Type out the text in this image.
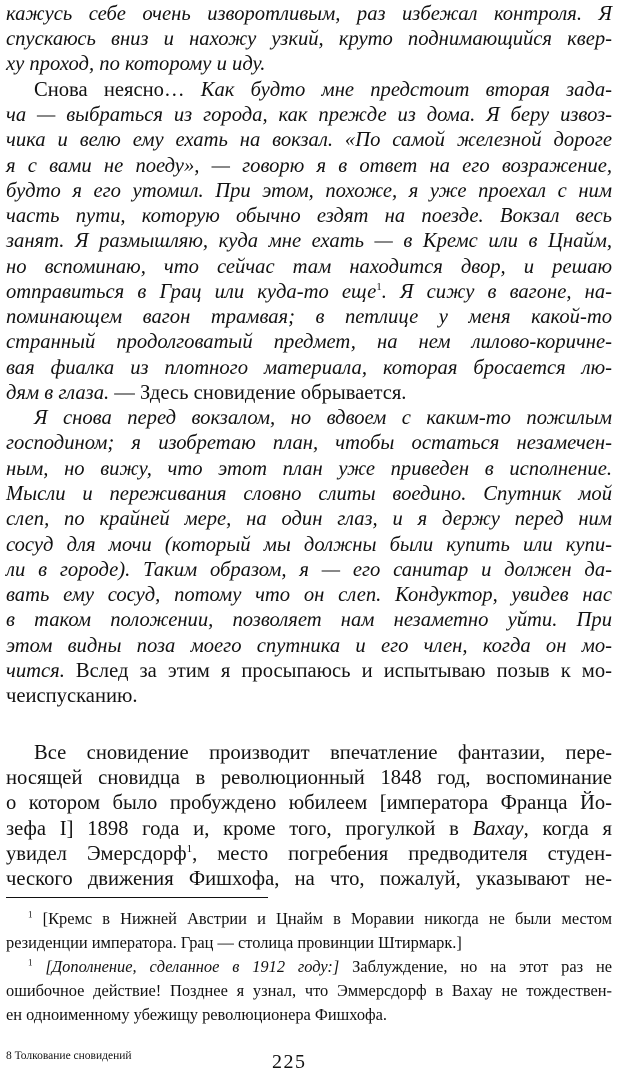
кажусь себе очень изворотливым, раз избежал контроля. Я

спускаюсь вниз и нахожу узкий, круто поднимающийся квер-

ху проход, по которому и иду.

Снова неясно… Как будто мне предстоит вторая зада-

ча — выбраться из города, как прежде из дома. Я беру извоз-

чика и велю ему ехать на вокзал. «По самой железной дороге

я с вами не поеду», — говорю я в ответ на его возражение,

будто я его утомил. При этом, похоже, я уже проехал с ним

часть пути, которую обычно ездят на поезде. Вокзал весь

занят. Я размышляю, куда мне ехать — в Кремс или в Цнайм,

но вспоминаю, что сейчас там находится двор, и решаю

отправиться в Грац или куда-то еще$^1$. Я сижу в вагоне, на-

поминающем вагон трамвая; в петлице у меня какой-то

странный продолговатый предмет, на нем лилово-коричне-

вая фиалка из плотного материала, которая бросается лю-

дям в глаза. — Здесь сновидение обрывается.

Я снова перед вокзалом, но вдвоем с каким-то пожилым

господином; я изобретаю план, чтобы остаться незамечен-

ным, но вижу, что этот план уже приведен в исполнение.

Мысли и переживания словно слиты воедино. Спутник мой

слеп, по крайней мере, на один глаз, и я держу перед ним

сосуд для мочи (который мы должны были купить или купи-

ли в городе). Таким образом, я — его санитар и должен да-

вать ему сосуд, потому что он слеп. Кондуктор, увидев нас

в таком положении, позволяет нам незаметно уйти. При

этом видны поза моего спутника и его член, когда он мо-

чится. Вслед за этим я просыпаюсь и испытываю позыв к мо-

чеиспусканию.

Все сновидение производит впечатление фантазии, пере-

носящей сновидца в революционный 1848 год, воспоминание

о котором было пробуждено юбилеем [императора Франца Йо-

зефа I] 1898 года и, кроме того, прогулкой в Вахау, когда я

увидел Эмерсдорф$^1$, место погребения предводителя студен-

ческого движения Фишхофа, на что, пожалуй, указывают не-

$^1$ [Кремс в Нижней Австрии и Цнайм в Моравии никогда не были местом

резиденции императора. Грац — столица провинции Штирмарк.]

$^1$ [Дополнение, сделанное в 1912 году:] Заблуждение, но на этот раз не

ошибочное действие! Позднее я узнал, что Эммерсдорф в Вахау не тождествен-

ен одноименному убежищу революционера Фишхофа.

8 Толкование сновидений	225
